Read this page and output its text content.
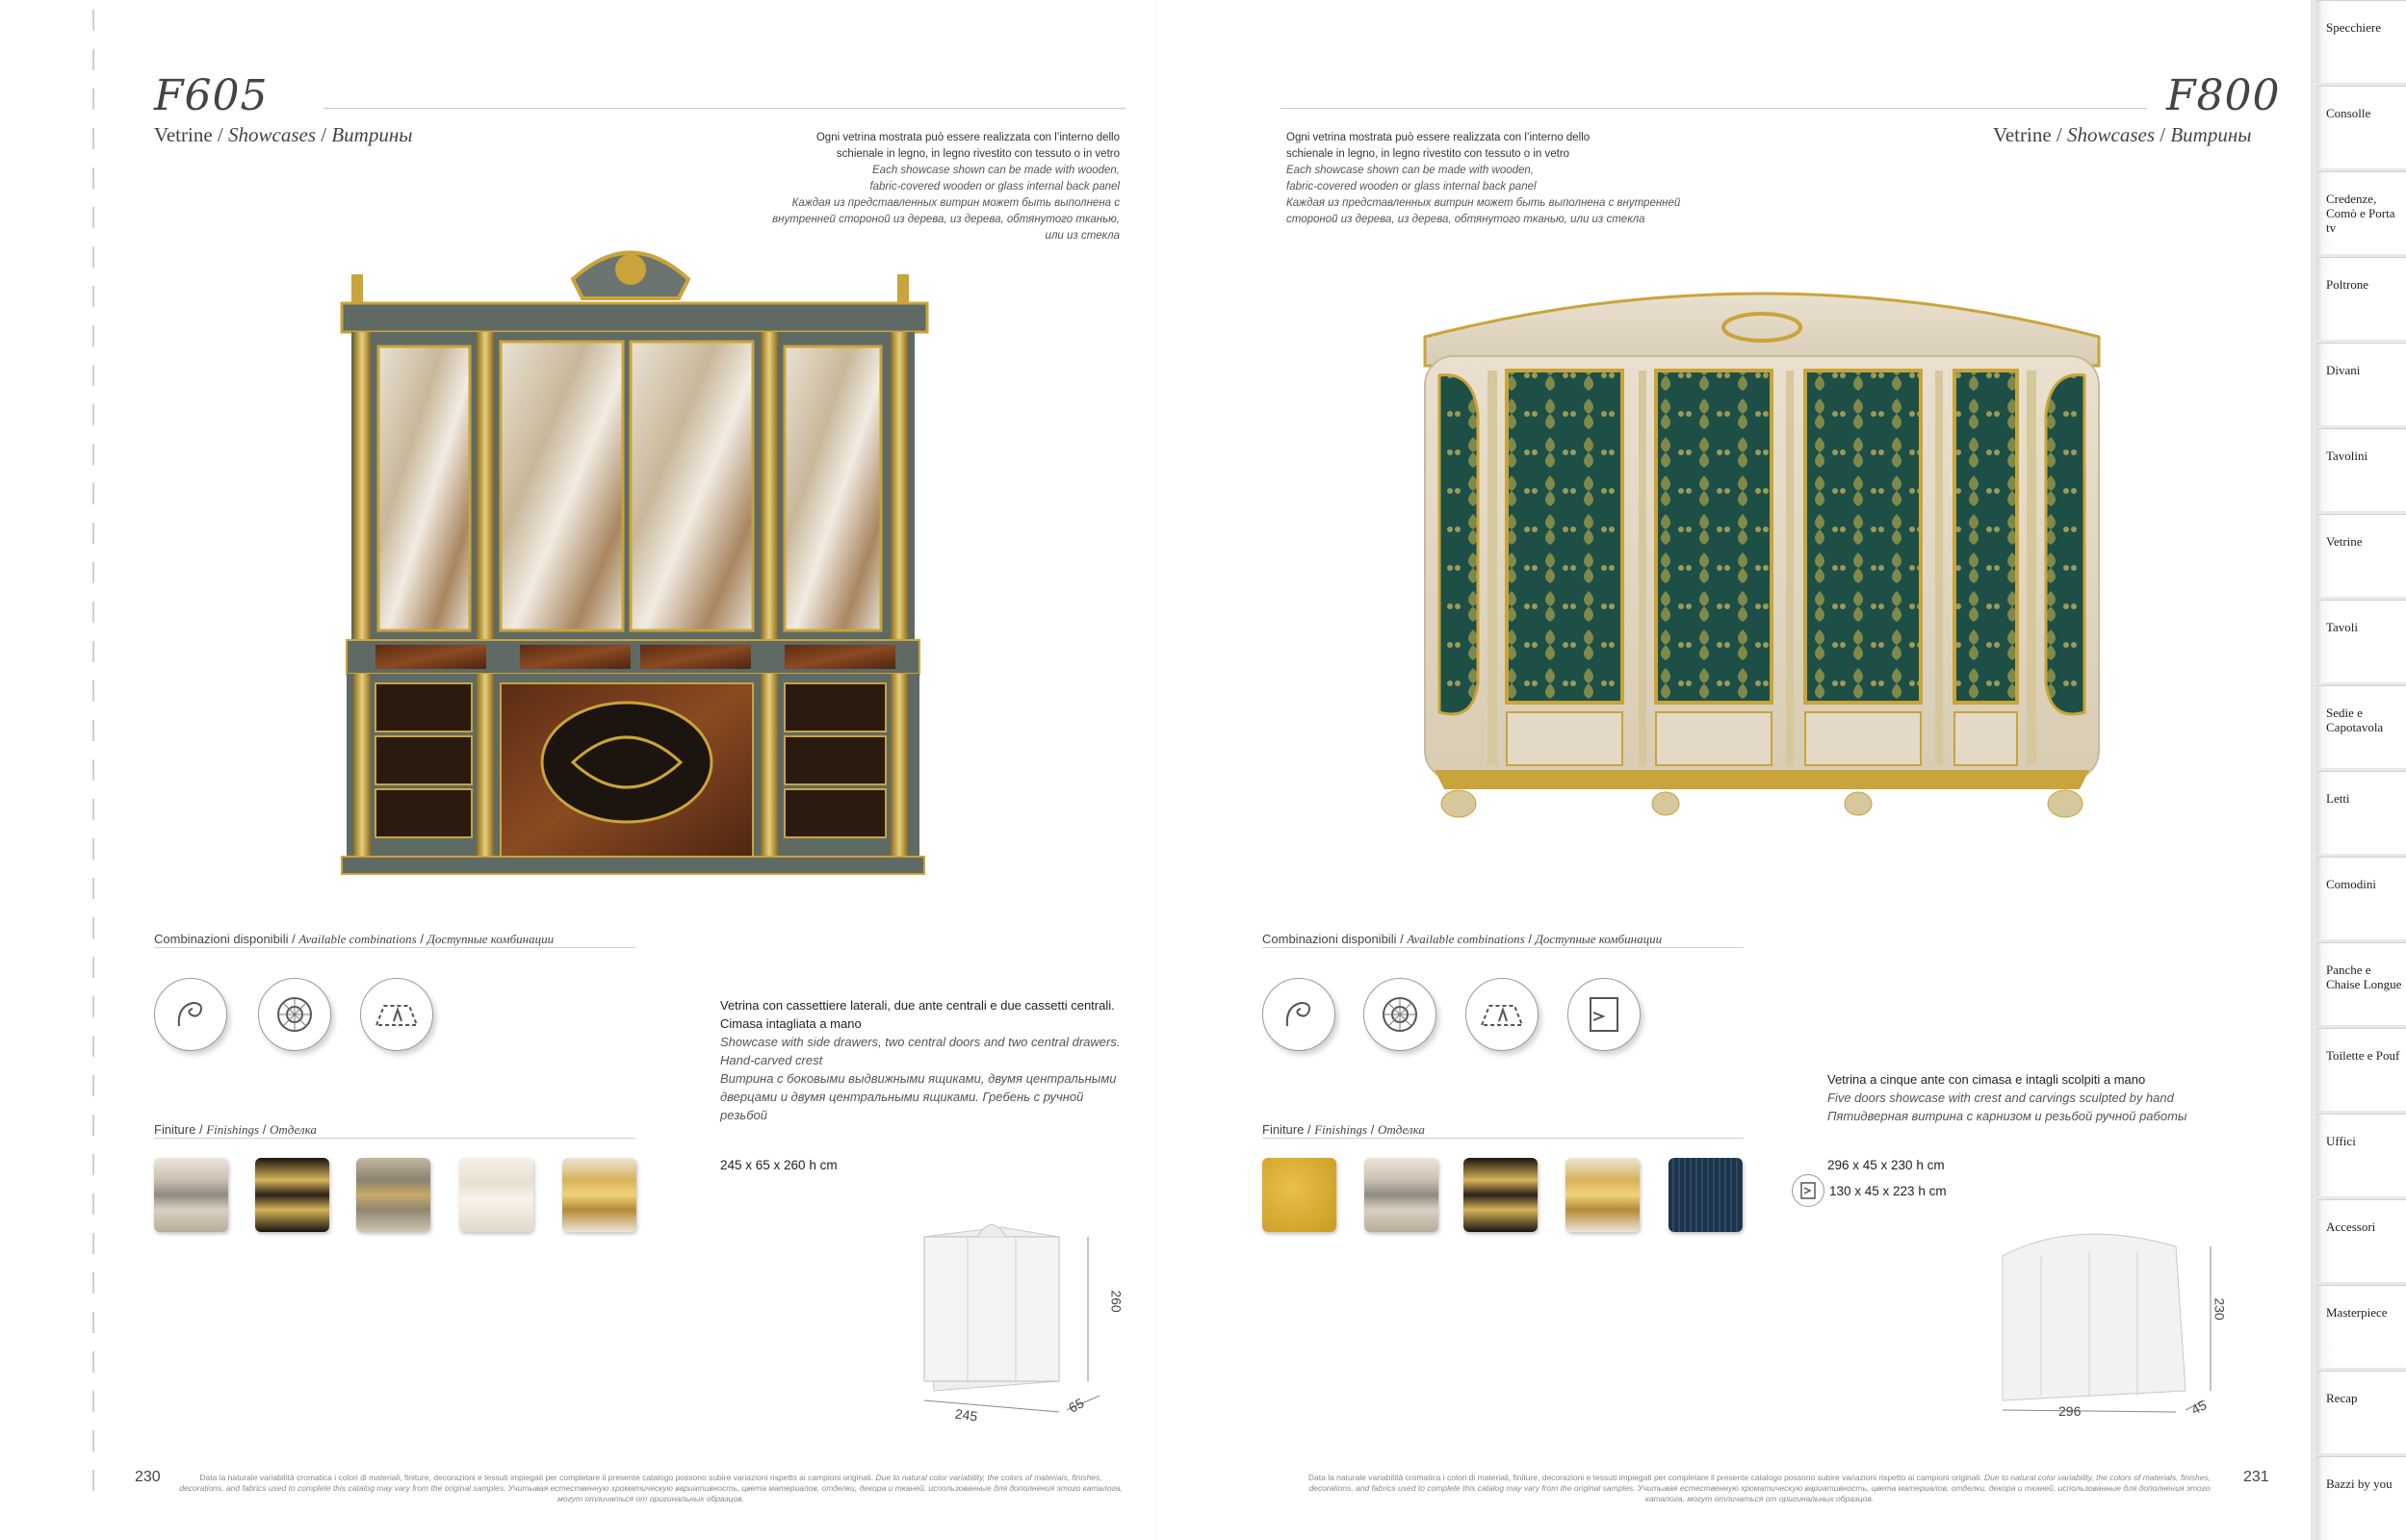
F605
Vetrine / Showcases / Витрины	Ogni vetrina mostrata può essere realizzata con l’interno dello
schienale in legno, in legno rivestito con tessuto o in vetro
Each showcase shown can be made with wooden,
fabric-covered wooden or glass internal back panel
Каждая из представленных витрин может быть выполнена с
внутренней стороной из дерева, из дерева, обтянутого тканью,
или из стекла
Combinazioni disponibili / Available combinations / Доступные комбинации
Finiture / Finishings / Отделка
Vetrina con cassettiere laterali, due ante centrali e due cassetti centrali.
Cimasa intagliata a mano
Showcase with side drawers, two central doors and two central drawers.
Hand-carved crest
Витрина с боковыми выдвижными ящиками, двумя центральными
дверцами и двумя центральными ящиками. Гребень с ручной
резьбой
245 x 65 x 260 h cm
260
245	65
230	Data la naturale variabilità cromatica i colori di materiali, finiture, decorazioni e tessuti impiegati per completare il presente catalogo possono subire variazioni rispetto ai campioni originali. Due to natural color variability, the colors of materials, finishes, decorations, and fabrics used to complete this catalog may vary from the original samples. Учитывая естественную хроматическую вариативность, цвета материалов, отделки, декора и тканей, использованные для дополнения этого каталога, могут отличаться от оригинальных образцов.
F800
Vetrine / Showcases / Витрины
Ogni vetrina mostrata può essere realizzata con l’interno dello
schienale in legno, in legno rivestito con tessuto o in vetro
Each showcase shown can be made with wooden,
fabric-covered wooden or glass internal back panel
Каждая из представленных витрин может быть выполнена с внутренней
стороной из дерева, из дерева, обтянутого тканью, или из стекла
Combinazioni disponibili / Available combinations / Доступные комбинации
Finiture / Finishings / Отделка
Vetrina a cinque ante con cimasa e intagli scolpiti a mano
Five doors showcase with crest and carvings sculpted by hand
Пятидверная витрина с карнизом и резьбой ручной работы
296 x 45 x 230 h cm
130 x 45 x 223 h cm
230
296	45
Data la naturale variabilità cromatica i colori di materiali, finiture, decorazioni e tessuti impiegati per completare il presente catalogo possono subire variazioni rispetto ai campioni originali. Due to natural color variability, the colors of materials, finishes, decorations, and fabrics used to complete this catalog may vary from the original samples. Учитывая естественную хроматическую вариативность, цвета материалов, отделки, декора и тканей, использованные для дополнения этого каталога, могут отличаться от оригинальных образцов.
231
Specchiere
Consolle
Credenze, Comò e Porta tv
Poltrone
Divani
Tavolini
Vetrine
Tavoli
Sedie e Capotavola
Letti
Comodini
Panche e Chaise Longue
Toilette e Pouf
Uffici
Accessori
Masterpiece
Recap
Bazzi by you
